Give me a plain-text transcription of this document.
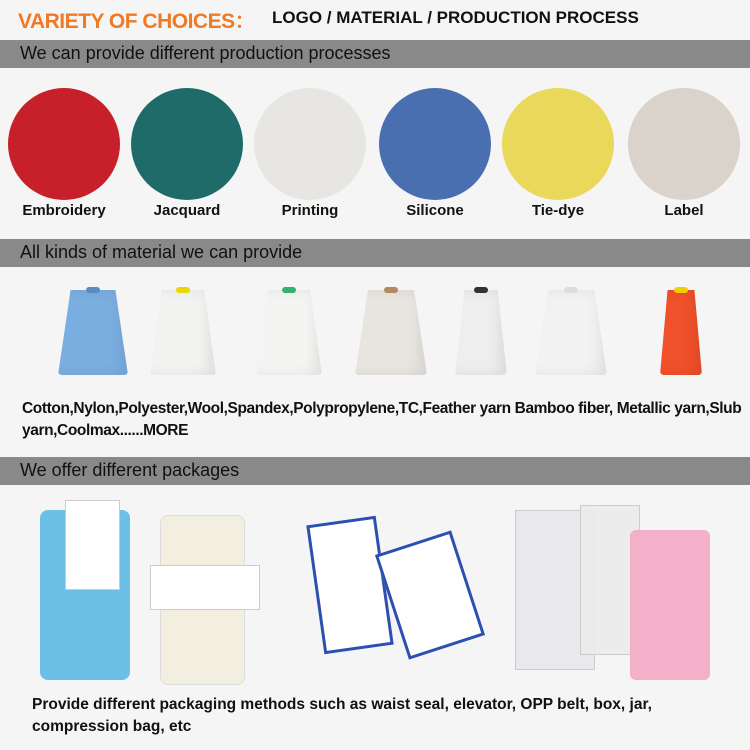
VARIETY OF CHOICES： LOGO / MATERIAL / PRODUCTION PROCESS
We can provide different production processes
Embroidery	Jacquard	Printing	Silicone	Tie-dye	Label
All kinds of material we can provide
Cotton,Nylon,Polyester,Wool,Spandex,Polypropylene,TC,Feather yarn Bamboo fiber, Metallic yarn,Slub yarn,Coolmax......MORE
We offer different packages
Provide different packaging methods such as waist seal, elevator, OPP belt, box, jar, compression bag, etc
